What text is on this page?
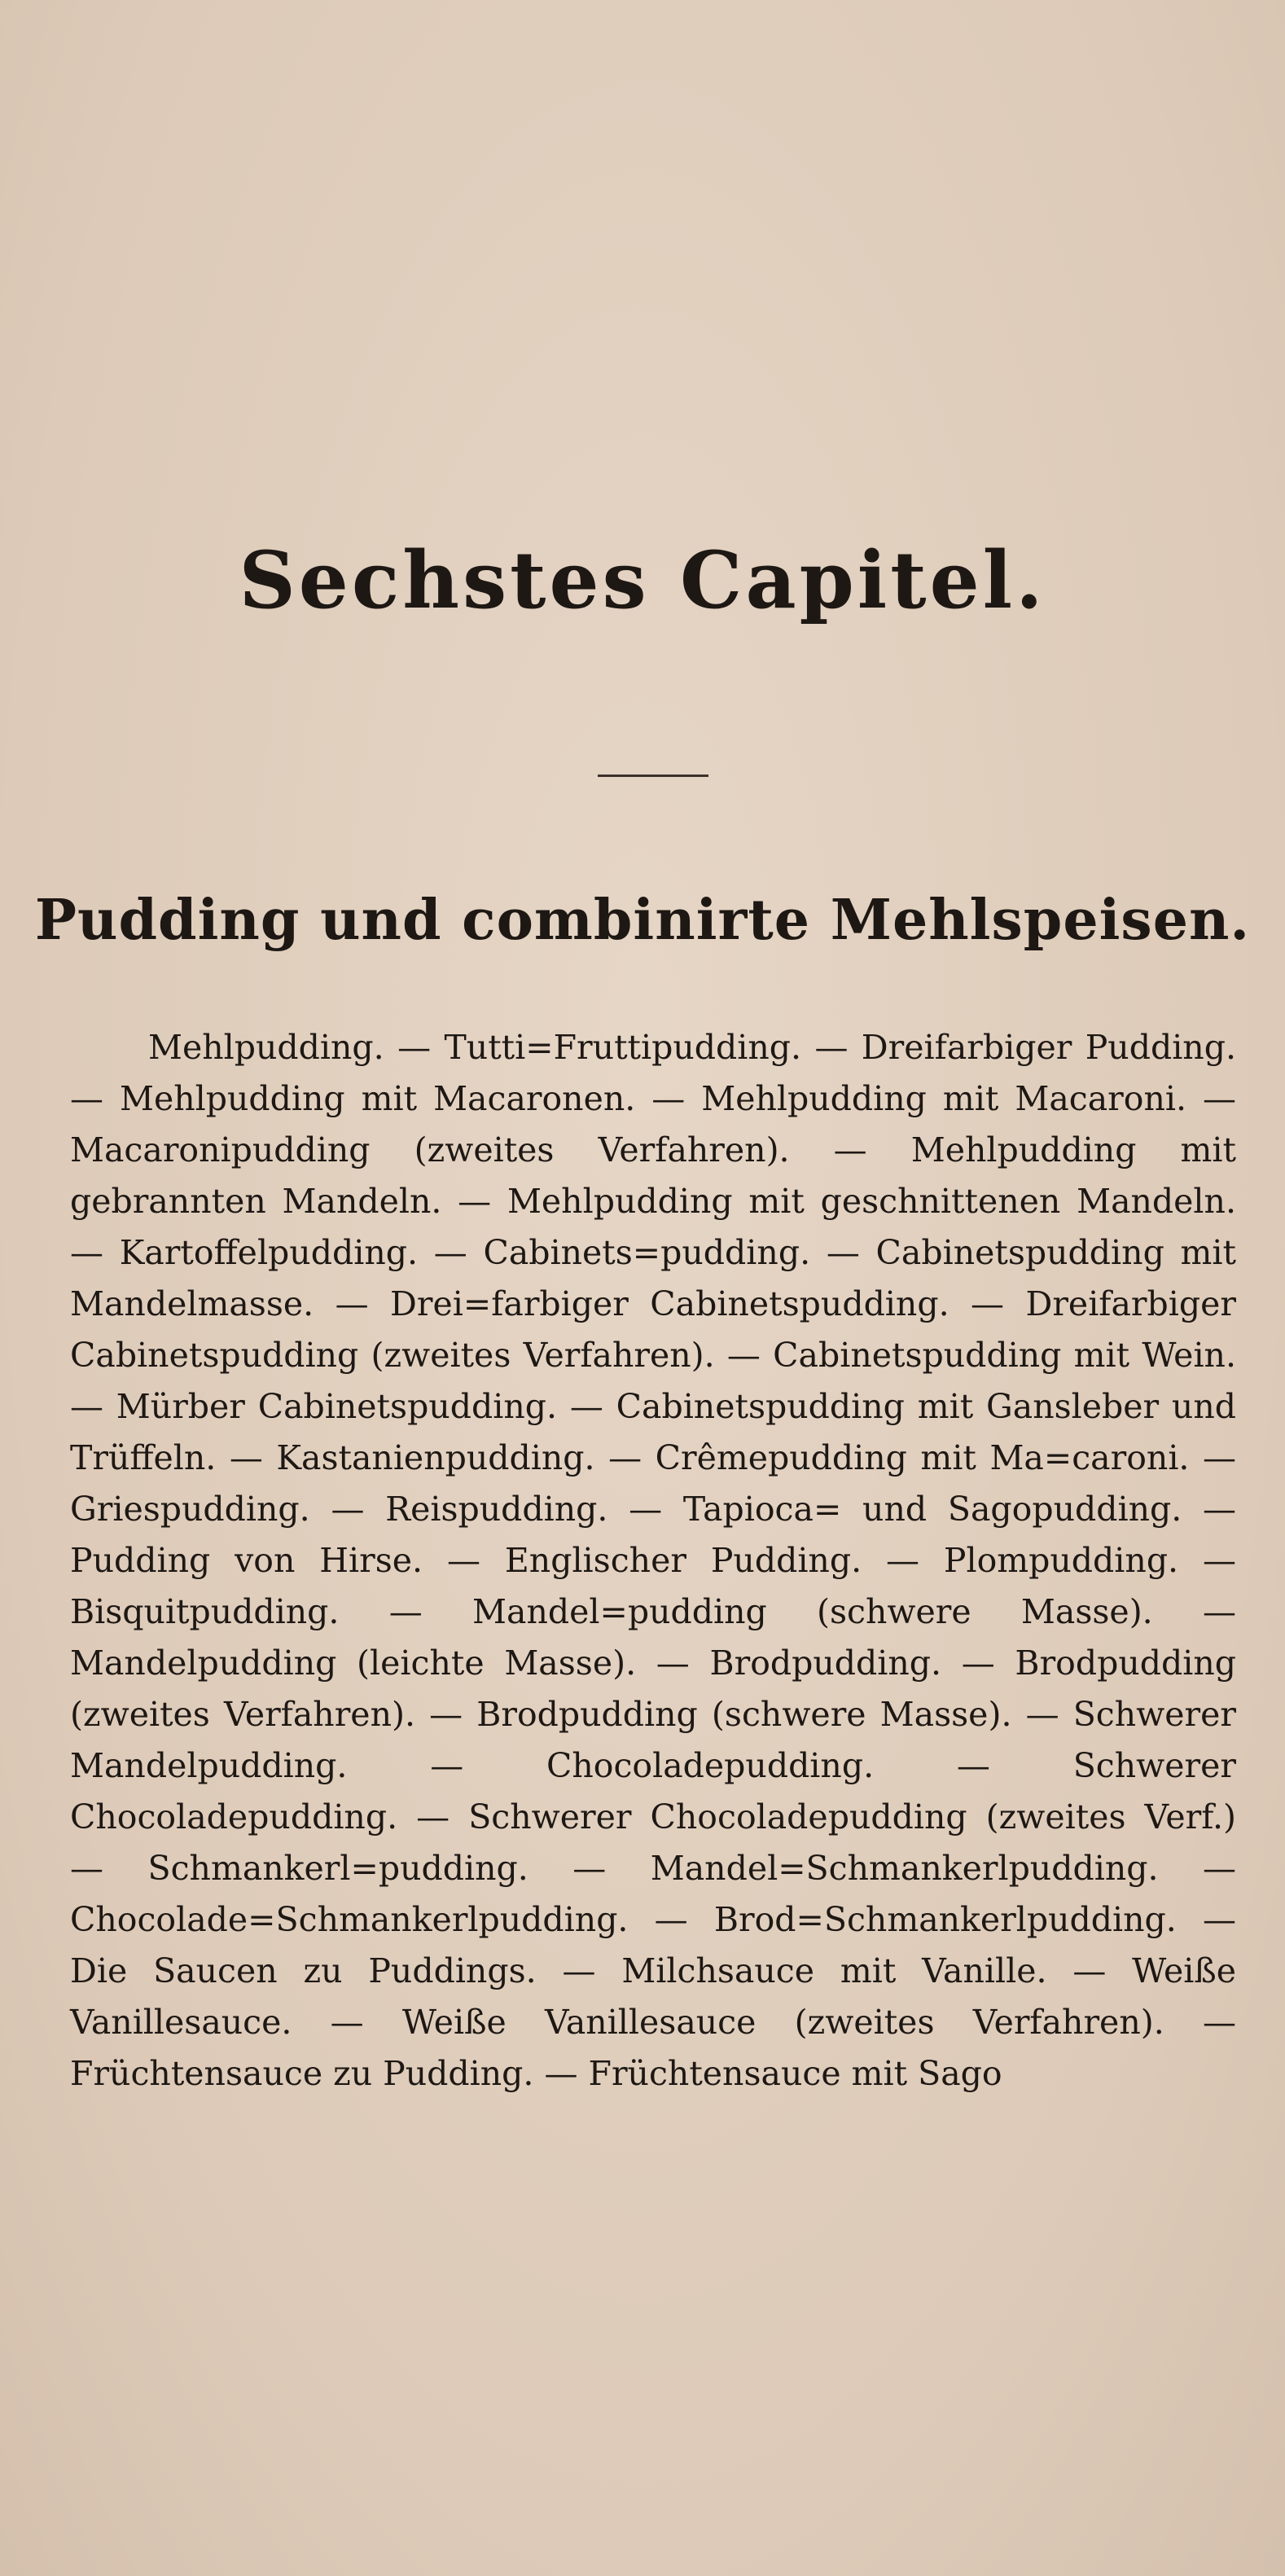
Sechstes Capitel.
Pudding und combinirte Mehlspeisen.

Mehlpudding. — Tutti=Fruttipudding. — Dreifarbiger Pudding. — Mehlpudding mit Macaronen. — Mehlpudding mit Macaroni. — Macaronipudding (zweites Verfahren). — Mehlpudding mit gebrannten Mandeln. — Mehlpudding mit geschnittenen Mandeln. — Kartoffelpudding. — Cabinets=pudding. — Cabinetspudding mit Mandelmasse. — Drei=farbiger Cabinetspudding. — Dreifarbiger Cabinetspudding (zweites Verfahren). — Cabinetspudding mit Wein. — Mürber Cabinetspudding. — Cabinetspudding mit Gansleber und Trüffeln. — Kastanienpudding. — Crêmepudding mit Ma=caroni. — Griespudding. — Reispudding. — Tapioca= und Sagopudding. — Pudding von Hirse. — Englischer Pudding. — Plompudding. — Bisquitpudding. — Mandel=pudding (schwere Masse). — Mandelpudding (leichte Masse). — Brodpudding. — Brodpudding (zweites Verfahren). — Brodpudding (schwere Masse). — Schwerer Mandelpudding. — Chocoladepudding. — Schwerer Chocoladepudding. — Schwerer Chocoladepudding (zweites Verf.) — Schmankerl=pudding. — Mandel=Schmankerlpudding. — Chocolade=Schmankerlpudding. — Brod=Schmankerlpudding. — Die Saucen zu Puddings. — Milchsauce mit Vanille. — Weiße Vanillesauce. — Weiße Vanillesauce (zweites Verfahren). — Früchtensauce zu Pudding. — Früchtensauce mit Sago
